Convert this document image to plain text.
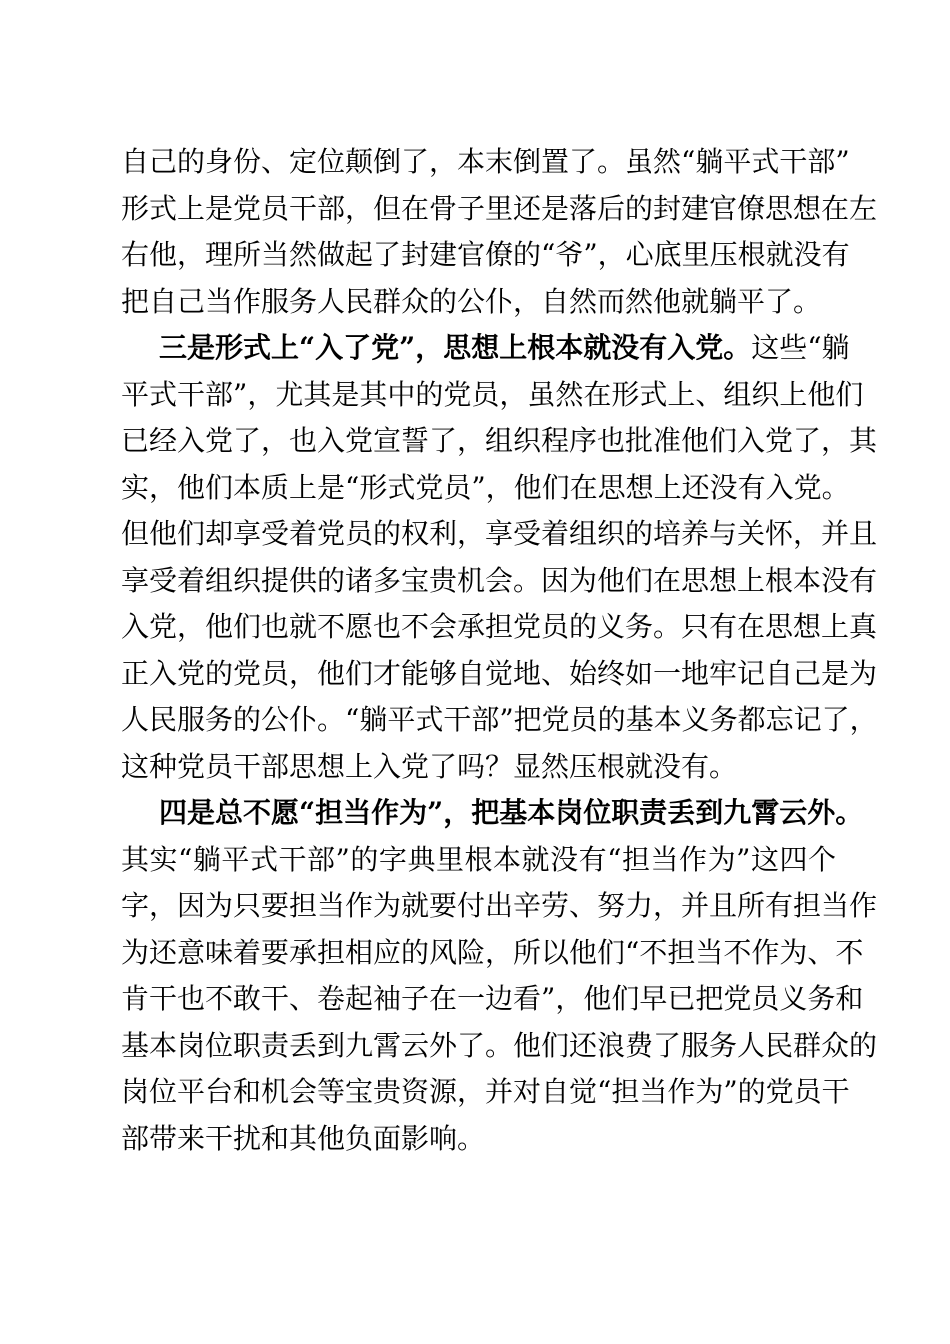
自己的身份、定位颠倒了，本末倒置了。虽然“躺平式干部”
形式上是党员干部，但在骨子里还是落后的封建官僚思想在左
右他，理所当然做起了封建官僚的“爷”，心底里压根就没有
把自己当作服务人民群众的公仆，自然而然他就躺平了。

三是形式上“入了党”，思想上根本就没有入党。这些“躺
平式干部”，尤其是其中的党员，虽然在形式上、组织上他们
已经入党了，也入党宣誓了，组织程序也批准他们入党了，其
实，他们本质上是“形式党员”，他们在思想上还没有入党。
但他们却享受着党员的权利，享受着组织的培养与关怀，并且
享受着组织提供的诸多宝贵机会。因为他们在思想上根本没有
入党，他们也就不愿也不会承担党员的义务。只有在思想上真
正入党的党员，他们才能够自觉地、始终如一地牢记自己是为
人民服务的公仆。“躺平式干部”把党员的基本义务都忘记了，
这种党员干部思想上入党了吗？显然压根就没有。

四是总不愿“担当作为”，把基本岗位职责丢到九霄云外。
其实“躺平式干部”的字典里根本就没有“担当作为”这四个
字，因为只要担当作为就要付出辛劳、努力，并且所有担当作
为还意味着要承担相应的风险，所以他们“不担当不作为、不
肯干也不敢干、卷起袖子在一边看”，他们早已把党员义务和
基本岗位职责丢到九霄云外了。他们还浪费了服务人民群众的
岗位平台和机会等宝贵资源，并对自觉“担当作为”的党员干
部带来干扰和其他负面影响。
